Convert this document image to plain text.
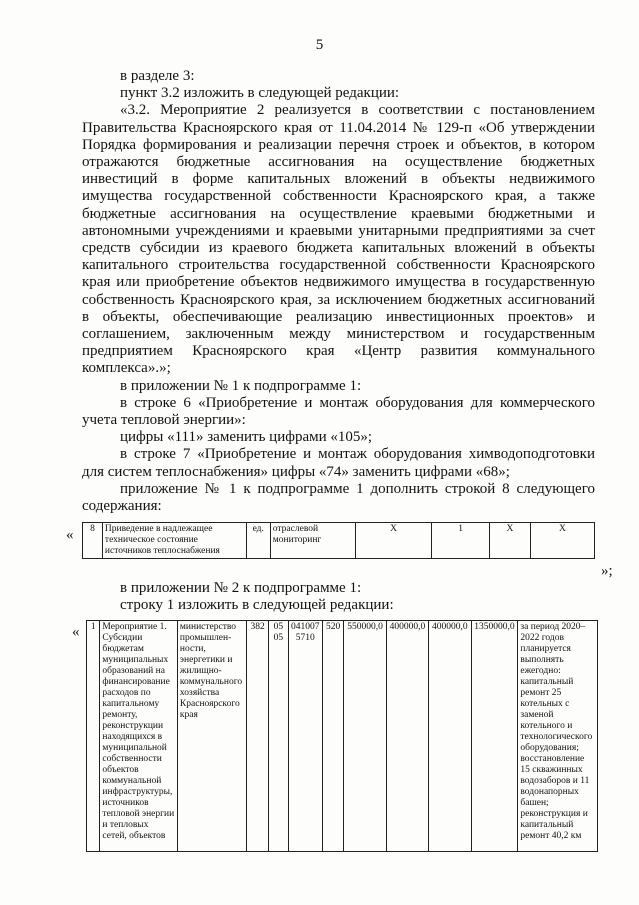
5

в разделе 3:

пункт 3.2 изложить в следующей редакции:

«3.2. Мероприятие 2 реализуется в соответствии с постановлением Правительства Красноярского края от 11.04.2014 № 129-п «Об утверждении Порядка формирования и реализации перечня строек и объектов, в котором отражаются бюджетные ассигнования на осуществление бюджетных инвестиций в форме капитальных вложений в объекты недвижимого имущества государственной собственности Красноярского края, а также бюджетные ассигнования на осуществление краевыми бюджетными и автономными учреждениями и краевыми унитарными предприятиями за счет средств субсидии из краевого бюджета капитальных вложений в объекты капитального строительства государственной собственности Красноярского края или приобретение объектов недвижимого имущества в государственную собственность Красноярского края, за исключением бюджетных ассигнований в объекты, обеспечивающие реализацию инвестиционных проектов» и соглашением, заключенным между министерством и государственным предприятием Красноярского края «Центр развития коммунального комплекса».»;

в приложении № 1 к подпрограмме 1:

в строке 6 «Приобретение и монтаж оборудования для коммерческого учета тепловой энергии»:

цифры «111» заменить цифрами «105»;

в строке 7 «Приобретение и монтаж оборудования химводоподготовки для систем теплоснабжения» цифры «74» заменить цифрами «68»;

приложение № 1 к подпрограмме 1 дополнить строкой 8 следующего содержания:

« 8	Приведение в надлежащее техническое состояние источников теплоснабжения	ед.	отраслевой мониторинг	X	1	X	X
»;

в приложении № 2 к подпрограмме 1:

строку 1 изложить в следующей редакции:

« 1	Мероприятие 1. Субсидии бюджетам муниципальных образований на финансирование расходов по капитальному ремонту, реконструкции находящихся в муниципальной собственности объектов коммунальной инфраструктуры, источников тепловой энергии и тепловых сетей, объектов	министерство промышлен-ности, энергетики и жилищно-коммунального хозяйства Красноярского края	382	05 05	0410075710	520	550000,0	400000,0	400000,0	1350000,0	за период 2020–2022 годов планируется выполнять ежегодно: капитальный ремонт 25 котельных с заменой котельного и технологического оборудования; восстановление 15 скважинных водозаборов и 11 водонапорных башен; реконструкция и капитальный ремонт 40,2 км
